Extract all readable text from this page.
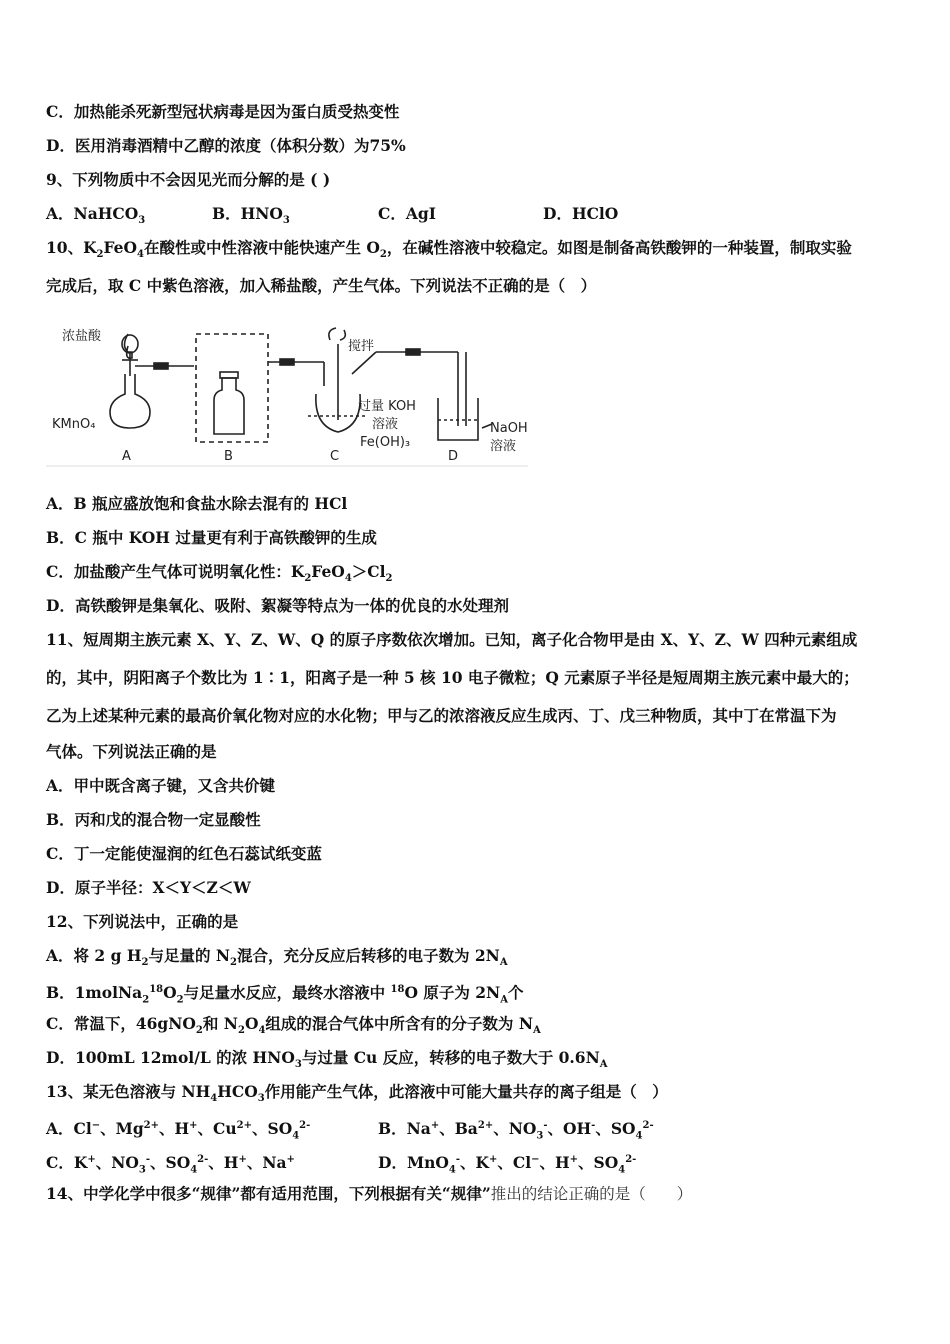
C．加热能杀死新型冠状病毒是因为蛋白质受热变性
D．医用消毒酒精中乙醇的浓度（体积分数）为75%
9、下列物质中不会因见光而分解的是 ( )
A．NaHCO$_3$	B．$HNO_3$	C．AgI	D．HClO
10、$K_2FeO_4$在酸性或中性溶液中能快速产生 $O_2$，在碱性溶液中较稳定。如图是制备高铁酸钾的一种装置，制取实验
完成后，取 C 中紫色溶液，加入稀盐酸，产生气体。下列说法不正确的是（　）
浓盐酸
KMnO₄
搅拌
过量 KOH
溶液
Fe(OH)₃
NaOH
溶液
A	B	C	D
A．B 瓶应盛放饱和食盐水除去混有的 HCl
B．C 瓶中 KOH 过量更有利于高铁酸钾的生成
C．加盐酸产生气体可说明氧化性：$K_2FeO_4>Cl_2$
D．高铁酸钾是集氧化、吸附、絮凝等特点为一体的优良的水处理剂
11、短周期主族元素 X、Y、Z、W、Q 的原子序数依次增加。已知，离子化合物甲是由 X、Y、Z、W 四种元素组成
的，其中，阴阳离子个数比为 1∶1，阳离子是一种 5 核 10 电子微粒；Q 元素原子半径是短周期主族元素中最大的；
乙为上述某种元素的最高价氧化物对应的水化物；甲与乙的浓溶液反应生成丙、丁、戊三种物质，其中丁在常温下为
气体。下列说法正确的是
A．甲中既含离子键，又含共价键
B．丙和戊的混合物一定显酸性
C．丁一定能使湿润的红色石蕊试纸变蓝
D．原子半径：X＜Y＜Z＜W
12、下列说法中，正确的是
A．将 2 g $H_2$与足量的 $N_2$混合，充分反应后转移的电子数为 $2N_A$
B．$1molNa_2^{18}O_2$与足量水反应，最终水溶液中 $^{18}$O 原子为 $2N_A$个
C．常温下，46gNO$_2$和 $N_2O_4$组成的混合气体中所含有的分子数为 $N_A$
D．100mL 12mol/L 的浓 $HNO_3$与过量 Cu 反应，转移的电子数大于 $0.6N_A$
13、某无色溶液与 $NH_4HCO_3$作用能产生气体，此溶液中可能大量共存的离子组是（　）
A．Cl−、$Mg^{2+}$、H+、$Cu^{2+}$、$SO_4^{2-}$	B．Na+、$Ba^{2+}$、$NO_3^-$、OH-、$SO_4^{2-}$
C．K+、$NO_3^-$、$SO_4^{2-}$、H+、Na+	D．MnO$_4$-、K+、Cl−、H+、$SO_4^{2-}$
14、中学化学中很多“规律”都有适用范围，下列根据有关“规律”推出的结论正确的是（　　）
